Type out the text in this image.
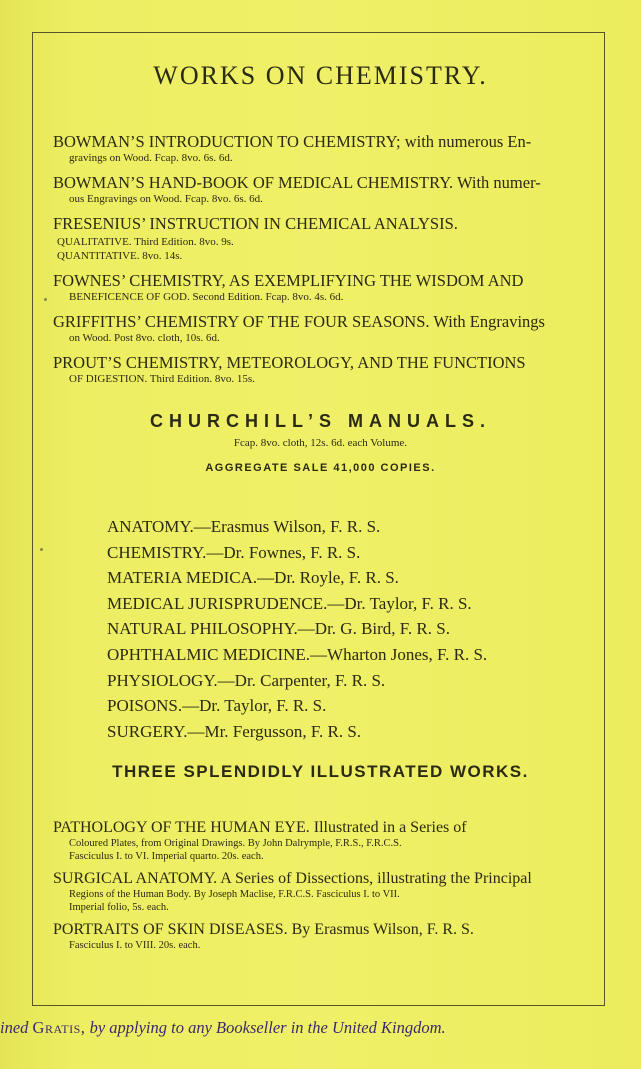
WORKS ON CHEMISTRY.
BOWMAN’S INTRODUCTION TO CHEMISTRY; with numerous En-
gravings on Wood. Fcap. 8vo. 6s. 6d.
BOWMAN’S HAND-BOOK OF MEDICAL CHEMISTRY. With numer-
ous Engravings on Wood. Fcap. 8vo. 6s. 6d.
FRESENIUS’ INSTRUCTION IN CHEMICAL ANALYSIS.
QUALITATIVE. Third Edition. 8vo. 9s.
QUANTITATIVE. 8vo. 14s.
FOWNES’ CHEMISTRY, AS EXEMPLIFYING THE WISDOM AND
BENEFICENCE OF GOD. Second Edition. Fcap. 8vo. 4s. 6d.
GRIFFITHS’ CHEMISTRY OF THE FOUR SEASONS. With Engravings
on Wood. Post 8vo. cloth, 10s. 6d.
PROUT’S CHEMISTRY, METEOROLOGY, AND THE FUNCTIONS
OF DIGESTION. Third Edition. 8vo. 15s.
CHURCHILL’S MANUALS.
Fcap. 8vo. cloth, 12s. 6d. each Volume.
AGGREGATE SALE 41,000 COPIES.
ANATOMY.—Erasmus Wilson, F. R. S.
CHEMISTRY.—Dr. Fownes, F. R. S.
MATERIA MEDICA.—Dr. Royle, F. R. S.
MEDICAL JURISPRUDENCE.—Dr. Taylor, F. R. S.
NATURAL PHILOSOPHY.—Dr. G. Bird, F. R. S.
OPHTHALMIC MEDICINE.—Wharton Jones, F. R. S.
PHYSIOLOGY.—Dr. Carpenter, F. R. S.
POISONS.—Dr. Taylor, F. R. S.
SURGERY.—Mr. Fergusson, F. R. S.
THREE SPLENDIDLY ILLUSTRATED WORKS.
PATHOLOGY OF THE HUMAN EYE. Illustrated in a Series of
Coloured Plates, from Original Drawings. By John Dalrymple, F.R.S., F.R.C.S.
Fasciculus I. to VI. Imperial quarto. 20s. each.
SURGICAL ANATOMY. A Series of Dissections, illustrating the Principal
Regions of the Human Body. By Joseph Maclise, F.R.C.S. Fasciculus I. to VII.
Imperial folio, 5s. each.
PORTRAITS OF SKIN DISEASES. By Erasmus Wilson, F. R. S.
Fasciculus I. to VIII. 20s. each.
ined Gratis, by applying to any Bookseller in the United Kingdom.
